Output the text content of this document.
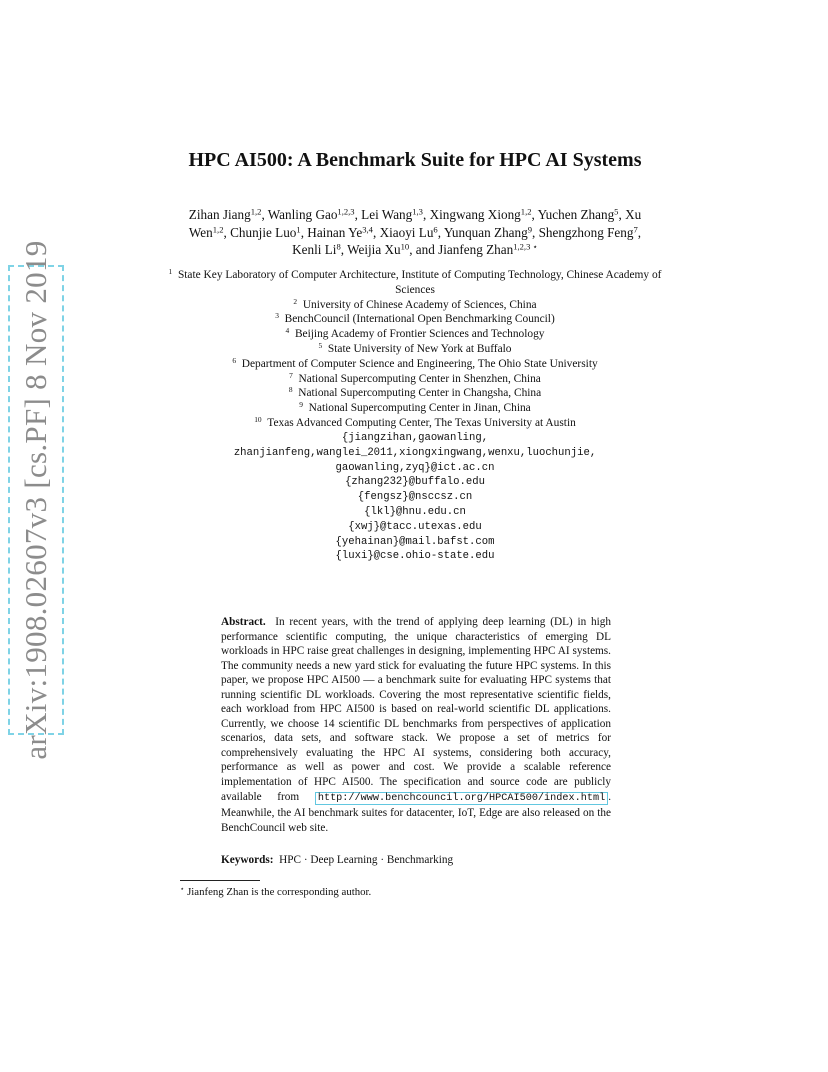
arXiv:1908.02607v3 [cs.PF] 8 Nov 2019
HPC AI500: A Benchmark Suite for HPC AI Systems
Zihan Jiang$^{1,2}$, Wanling Gao$^{1,2,3}$, Lei Wang$^{1,3}$, Xingwang Xiong$^{1,2}$, Yuchen Zhang$^5$, Xu Wen$^{1,2}$, Chunjie Luo$^1$, Hainan Ye$^{3,4}$, Xiaoyi Lu$^6$, Yunquan Zhang$^9$, Shengzhong Feng$^7$, Kenli Li$^8$, Weijia Xu$^{10}$, and Jianfeng Zhan$^{1,2,3 ⋆}$
$^1$  State Key Laboratory of Computer Architecture, Institute of Computing Technology, Chinese Academy of Sciences
$^2$  University of Chinese Academy of Sciences, China
$^3$  BenchCouncil (International Open Benchmarking Council)
$^4$  Beijing Academy of Frontier Sciences and Technology
$^5$  State University of New York at Buffalo
$^6$  Department of Computer Science and Engineering, The Ohio State University
$^7$  National Supercomputing Center in Shenzhen, China
$^8$  National Supercomputing Center in Changsha, China
$^9$  National Supercomputing Center in Jinan, China
$^{10}$  Texas Advanced Computing Center, The Texas University at Austin
{jiangzihan,gaowanling,
zhanjianfeng,wanglei_2011,xiongxingwang,wenxu,luochunjie,
gaowanling,zyq}@ict.ac.cn
{zhang232}@buffalo.edu
{fengsz}@nsccsz.cn
{lkl}@hnu.edu.cn
{xwj}@tacc.utexas.edu
{yehainan}@mail.bafst.com
{luxi}@cse.ohio-state.edu
Abstract. In recent years, with the trend of applying deep learning (DL) in high performance scientific computing, the unique characteristics of emerging DL workloads in HPC raise great challenges in designing, implementing HPC AI systems. The community needs a new yard stick for evaluating the future HPC systems. In this paper, we propose HPC AI500 — a benchmark suite for evaluating HPC systems that running scientific DL workloads. Covering the most representative scientific fields, each workload from HPC AI500 is based on real-world scientific DL applications. Currently, we choose 14 scientific DL benchmarks from perspectives of application scenarios, data sets, and software stack. We propose a set of metrics for comprehensively evaluating the HPC AI systems, considering both accuracy, performance as well as power and cost. We provide a scalable reference implementation of HPC AI500. The specification and source code are publicly available from http://www.benchcouncil.org/HPCAI500/index.html . Meanwhile, the AI benchmark suites for datacenter, IoT, Edge are also released on the BenchCouncil web site.
Keywords: HPC · Deep Learning · Benchmarking
⋆ Jianfeng Zhan is the corresponding author.
